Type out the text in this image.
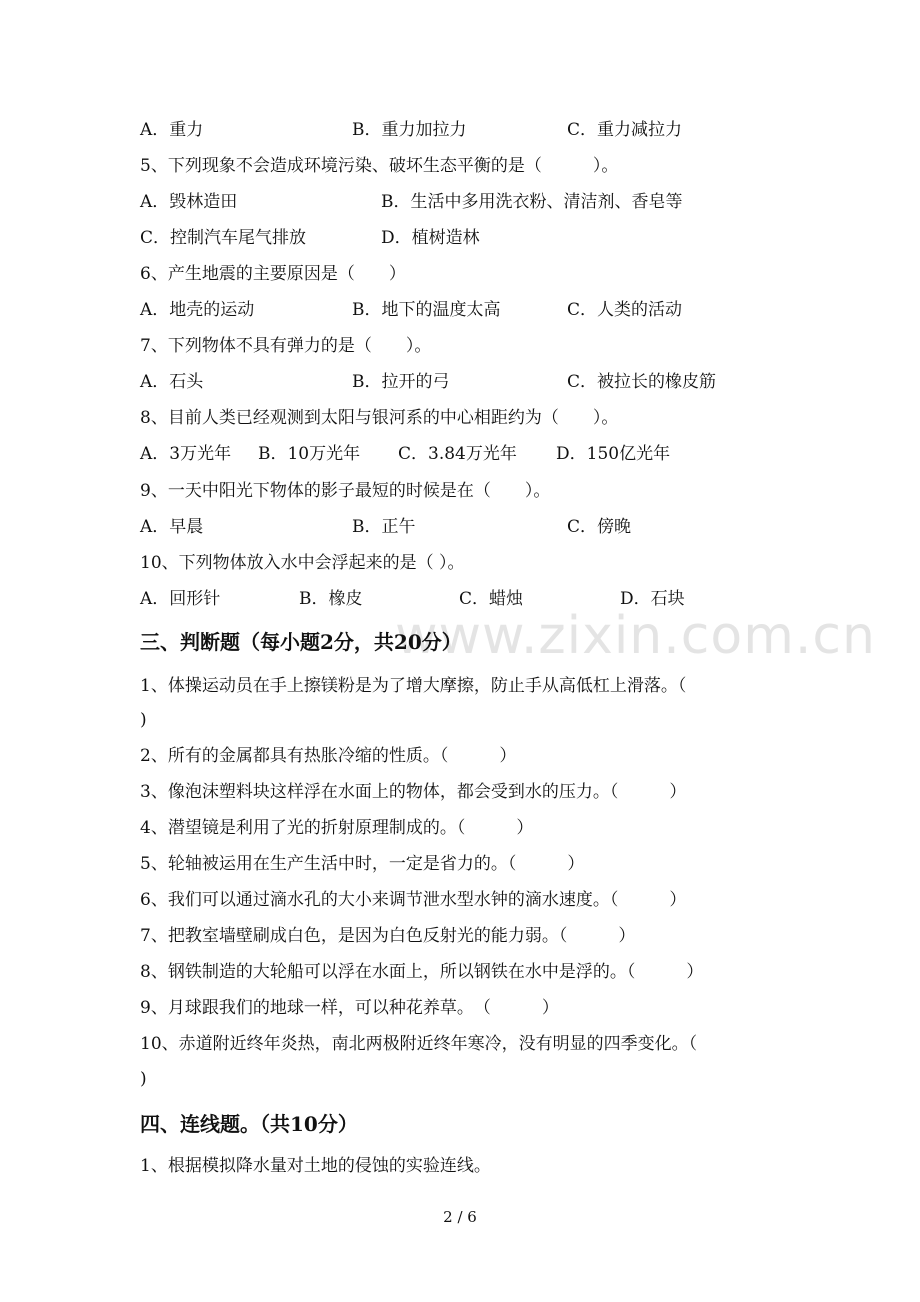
A．重力	B．重力加拉力	C．重力减拉力
5、下列现象不会造成环境污染、破坏生态平衡的是（　　　）。
A．毁林造田	B．生活中多用洗衣粉、清洁剂、香皂等
C．控制汽车尾气排放	D．植树造林
6、产生地震的主要原因是（　　）
A．地壳的运动	B．地下的温度太高	C．人类的活动
7、下列物体不具有弹力的是（　　）。
A．石头	B．拉开的弓	C．被拉长的橡皮筋
8、目前人类已经观测到太阳与银河系的中心相距约为（　　）。
A．3万光年 B．10万光年 C．3.84万光年 D．150亿光年
9、一天中阳光下物体的影子最短的时候是在（　　）。
A．早晨	B．正午	C．傍晚
10、下列物体放入水中会浮起来的是（ ）。
A．回形针	B．橡皮	C．蜡烛	D．石块
www.zixin.com.cn
三、判断题（每小题2分，共20分）
1、体操运动员在手上擦镁粉是为了增大摩擦，防止手从高低杠上滑落。（
)
2、所有的金属都具有热胀冷缩的性质。（　　　）
3、像泡沫塑料块这样浮在水面上的物体，都会受到水的压力。（　　　）
4、潜望镜是利用了光的折射原理制成的。（　　　）
5、轮轴被运用在生产生活中时，一定是省力的。（　　　）
6、我们可以通过滴水孔的大小来调节泄水型水钟的滴水速度。（　　　）
7、把教室墙壁刷成白色，是因为白色反射光的能力弱。（　　　）
8、钢铁制造的大轮船可以浮在水面上，所以钢铁在水中是浮的。（　　　）
9、月球跟我们的地球一样，可以种花养草。　（　　　）
10、赤道附近终年炎热，南北两极附近终年寒冷，没有明显的四季变化。（
)
四、连线题。（共10分）
1、根据模拟降水量对土地的侵蚀的实验连线。
2 / 6
